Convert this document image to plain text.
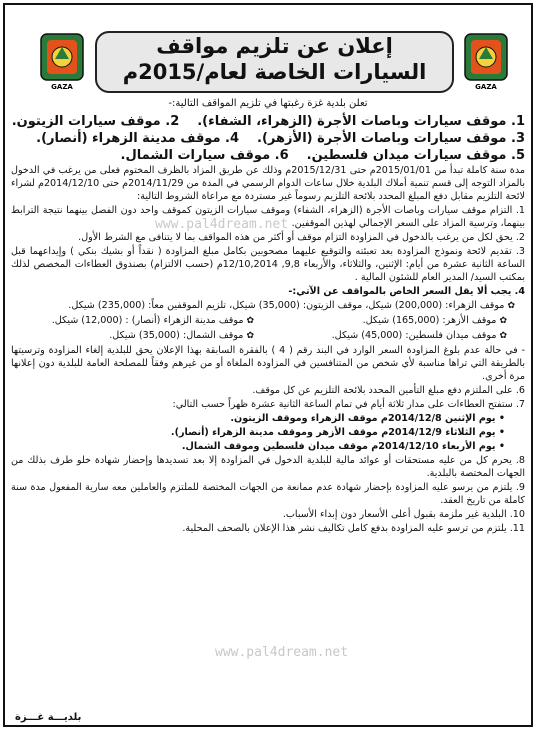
GAZA
إعلان عن تلزيم مواقف
السيارات الخاصة لعام/2015م
GAZA
تعلن بلدية غزة رغبتها في تلزيم المواقف التالية:-
1. موقف سيارات وباصات الأجرة (الزهراء، الشفاء).
2. موقف سيارات الزيتون.
3. موقف سيارات وباصات الأجرة (الأزهر).
4. موقف مدينة الزهراء (أنصار).
5. موقف سيارات ميدان فلسطين.
6. موقف سيارات الشمال.

مدة سنة كاملة تبدأ من 2015/01/01م حتى 2015/12/31م وذلك عن طريق المزاد بالظرف المختوم فعلى من يرغب في الدخول بالمزاد التوجه إلى قسم تنمية أملاك البلدية خلال ساعات الدوام الرسمي في المدة من 2014/11/29م حتى 2014/12/10م لشراء لائحة التلزيم مقابل دفع المبلغ المحدد بلائحة التلزيم رسوماً غير مستردة مع مراعاة الشروط التالية:

1. التزام موقف سيارات وباصات الأجرة (الزهراء، الشفاء) وموقف سيارات الزيتون كموقف واحد دون الفصل بينهما نتيجة الترابط بينهما، وترسية المزاد على السعر الإجمالي لهذين الموقفين.

2. يحق لكل من يرغب بالدخول في المزاودة التزام موقف أو أكثر من هذه المواقف بما لا يتنافى مع الشرط الأول.

3. تقديم لائحة ونموذج المزاودة بعد تعبئته والتوقيع عليهما مصحوبين بكامل مبلغ المزاودة ( نقداً أو بشيك بنكي ) وإيداعهما قبل الساعة الثانية عشرة من أيام: الإثنين، والثلاثاء، والأربعاء 9,8, 12/10,2014م (حسب الالتزام) بصندوق العطاءات المخصص لذلك بمكتب السيد/ المدير العام للشئون المالية .

4. يجب ألا يقل السعر الخاص بالمواقف عن الآتي:-

✿موقف الزهراء: (200,000) شيكل، موقف الزيتون: (35,000) شيكل، تلزيم الموقفين معاً: (235,000) شيكل.

✿موقف الأزهر: (165,000) شيكل.

✿موقف مدينة الزهراء (أنصار) : (12,000) شيكل.

✿موقف ميدان فلسطين: (45,000) شيكل.

✿موقف الشمال: (35,000) شيكل.

- في حالة عدم بلوغ المزاودة السعر الوارد في البند رقم ( 4 ) بالفقرة السابقة بهذا الإعلان يحق للبلدية إلغاء المزاودة وترسيتها بالطريقة التي تراها مناسبة لأي شخص من المتنافسين في المزاودة الملغاة أو من غيرهم وفقاً للمصلحة العامة للبلدية دون إعلانها مرة أخرى.

6. على الملتزم دفع مبلغ التأمين المحدد بلائحة التلزيم عن كل موقف.

7. ستفتح العطاءات على مدار ثلاثة أيام في تمام الساعة الثانية عشرة ظهراً حسب التالي:

• يوم الإثنين 2014/12/8م موقف الزهراء وموقف الزيتون.

• يوم الثلاثاء 2014/12/9م موقف الأزهر وموقف مدينة الزهراء (أنصار).

• يوم الأربعاء 2014/12/10م موقف ميدان فلسطين وموقف الشمال.

8. يحرم كل من عليه مستحقات أو عوائد مالية للبلدية الدخول في المزاودة إلا بعد تسديدها وإحضار شهادة خلو طرف بذلك من الجهات المختصة بالبلدية.

9. يلتزم من يرسو عليه المزاودة بإحضار شهادة عدم ممانعة من الجهات المختصة للملتزم والعاملين معه سارية المفعول مدة سنة كاملة من تاريخ العقد.

10. البلدية غير ملزمة بقبول أعلى الأسعار دون إبداء الأسباب.

11. يلتزم من ترسو عليه المزاودة بدفع كامل تكاليف نشر هذا الإعلان بالصحف المحلية.

www.pal4dream.net
www.pal4dream.net
بلديـــة غـــزة
